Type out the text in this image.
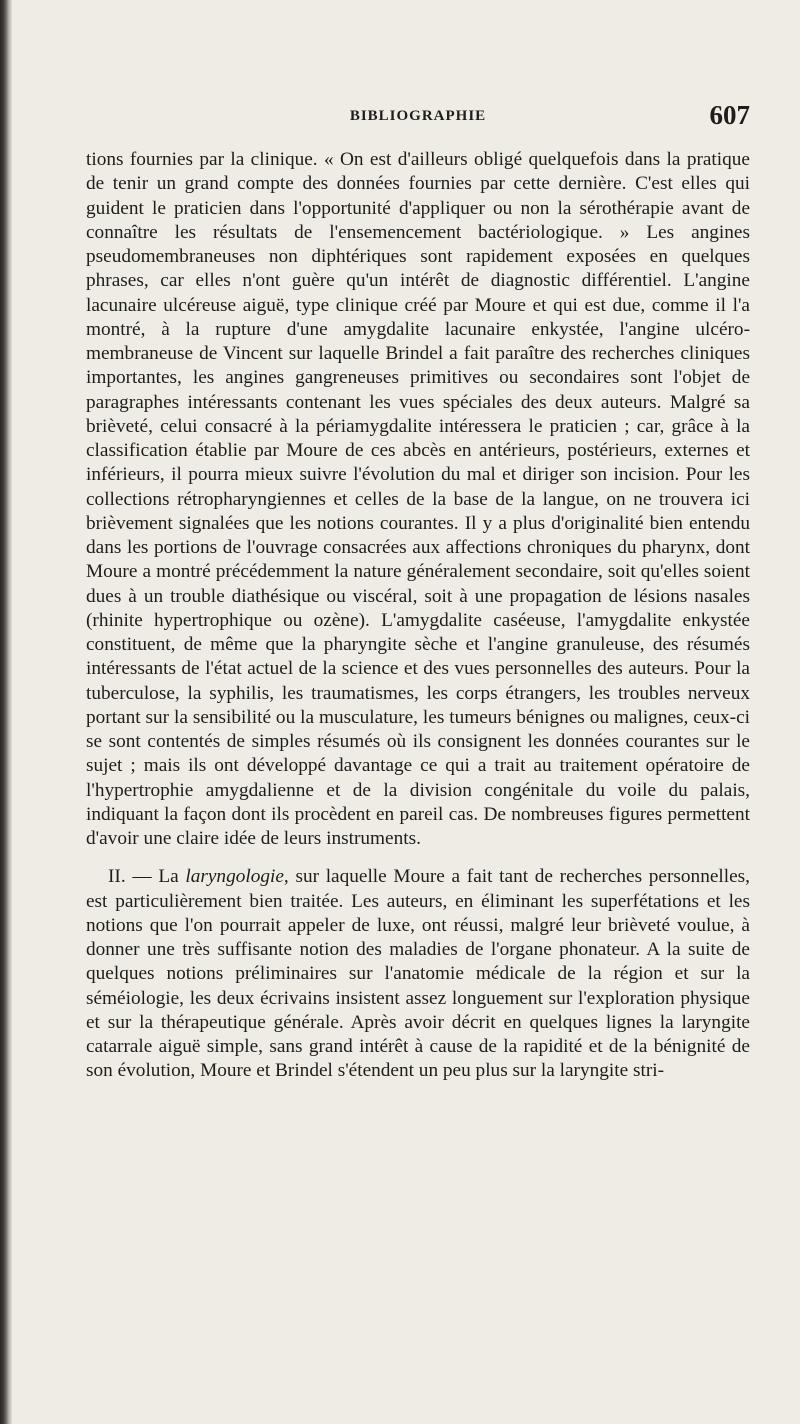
BIBLIOGRAPHIE	607

tions fournies par la clinique. « On est d'ailleurs obligé quelquefois dans la pratique de tenir un grand compte des données fournies par cette dernière. C'est elles qui guident le praticien dans l'opportunité d'appliquer ou non la sérothérapie avant de connaître les résultats de l'ensemencement bactériologique. » Les angines pseudomembraneuses non diphtériques sont rapidement exposées en quelques phrases, car elles n'ont guère qu'un intérêt de diagnostic différentiel. L'angine lacunaire ulcéreuse aiguë, type clinique créé par Moure et qui est due, comme il l'a montré, à la rupture d'une amygdalite lacunaire enkystée, l'angine ulcéro-membraneuse de Vincent sur laquelle Brindel a fait paraître des recherches cliniques importantes, les angines gangreneuses primitives ou secondaires sont l'objet de paragraphes intéressants contenant les vues spéciales des deux auteurs. Malgré sa brièveté, celui consacré à la périamygdalite intéressera le praticien ; car, grâce à la classification établie par Moure de ces abcès en antérieurs, postérieurs, externes et inférieurs, il pourra mieux suivre l'évolution du mal et diriger son incision. Pour les collections rétropharyngiennes et celles de la base de la langue, on ne trouvera ici brièvement signalées que les notions courantes. Il y a plus d'originalité bien entendu dans les portions de l'ouvrage consacrées aux affections chroniques du pharynx, dont Moure a montré précédemment la nature généralement secondaire, soit qu'elles soient dues à un trouble diathésique ou viscéral, soit à une propagation de lésions nasales (rhinite hypertrophique ou ozène). L'amygdalite caséeuse, l'amygdalite enkystée constituent, de même que la pharyngite sèche et l'angine granuleuse, des résumés intéressants de l'état actuel de la science et des vues personnelles des auteurs. Pour la tuberculose, la syphilis, les traumatismes, les corps étrangers, les troubles nerveux portant sur la sensibilité ou la musculature, les tumeurs bénignes ou malignes, ceux-ci se sont contentés de simples résumés où ils consignent les données courantes sur le sujet ; mais ils ont développé davantage ce qui a trait au traitement opératoire de l'hypertrophie amygdalienne et de la division congénitale du voile du palais, indiquant la façon dont ils procèdent en pareil cas. De nombreuses figures permettent d'avoir une claire idée de leurs instruments.

II. — La laryngologie, sur laquelle Moure a fait tant de recherches personnelles, est particulièrement bien traitée. Les auteurs, en éliminant les superfétations et les notions que l'on pourrait appeler de luxe, ont réussi, malgré leur brièveté voulue, à donner une très suffisante notion des maladies de l'organe phonateur. A la suite de quelques notions préliminaires sur l'anatomie médicale de la région et sur la séméiologie, les deux écrivains insistent assez longuement sur l'exploration physique et sur la thérapeutique générale. Après avoir décrit en quelques lignes la laryngite catarrale aiguë simple, sans grand intérêt à cause de la rapidité et de la bénignité de son évolution, Moure et Brindel s'étendent un peu plus sur la laryngite stri-
